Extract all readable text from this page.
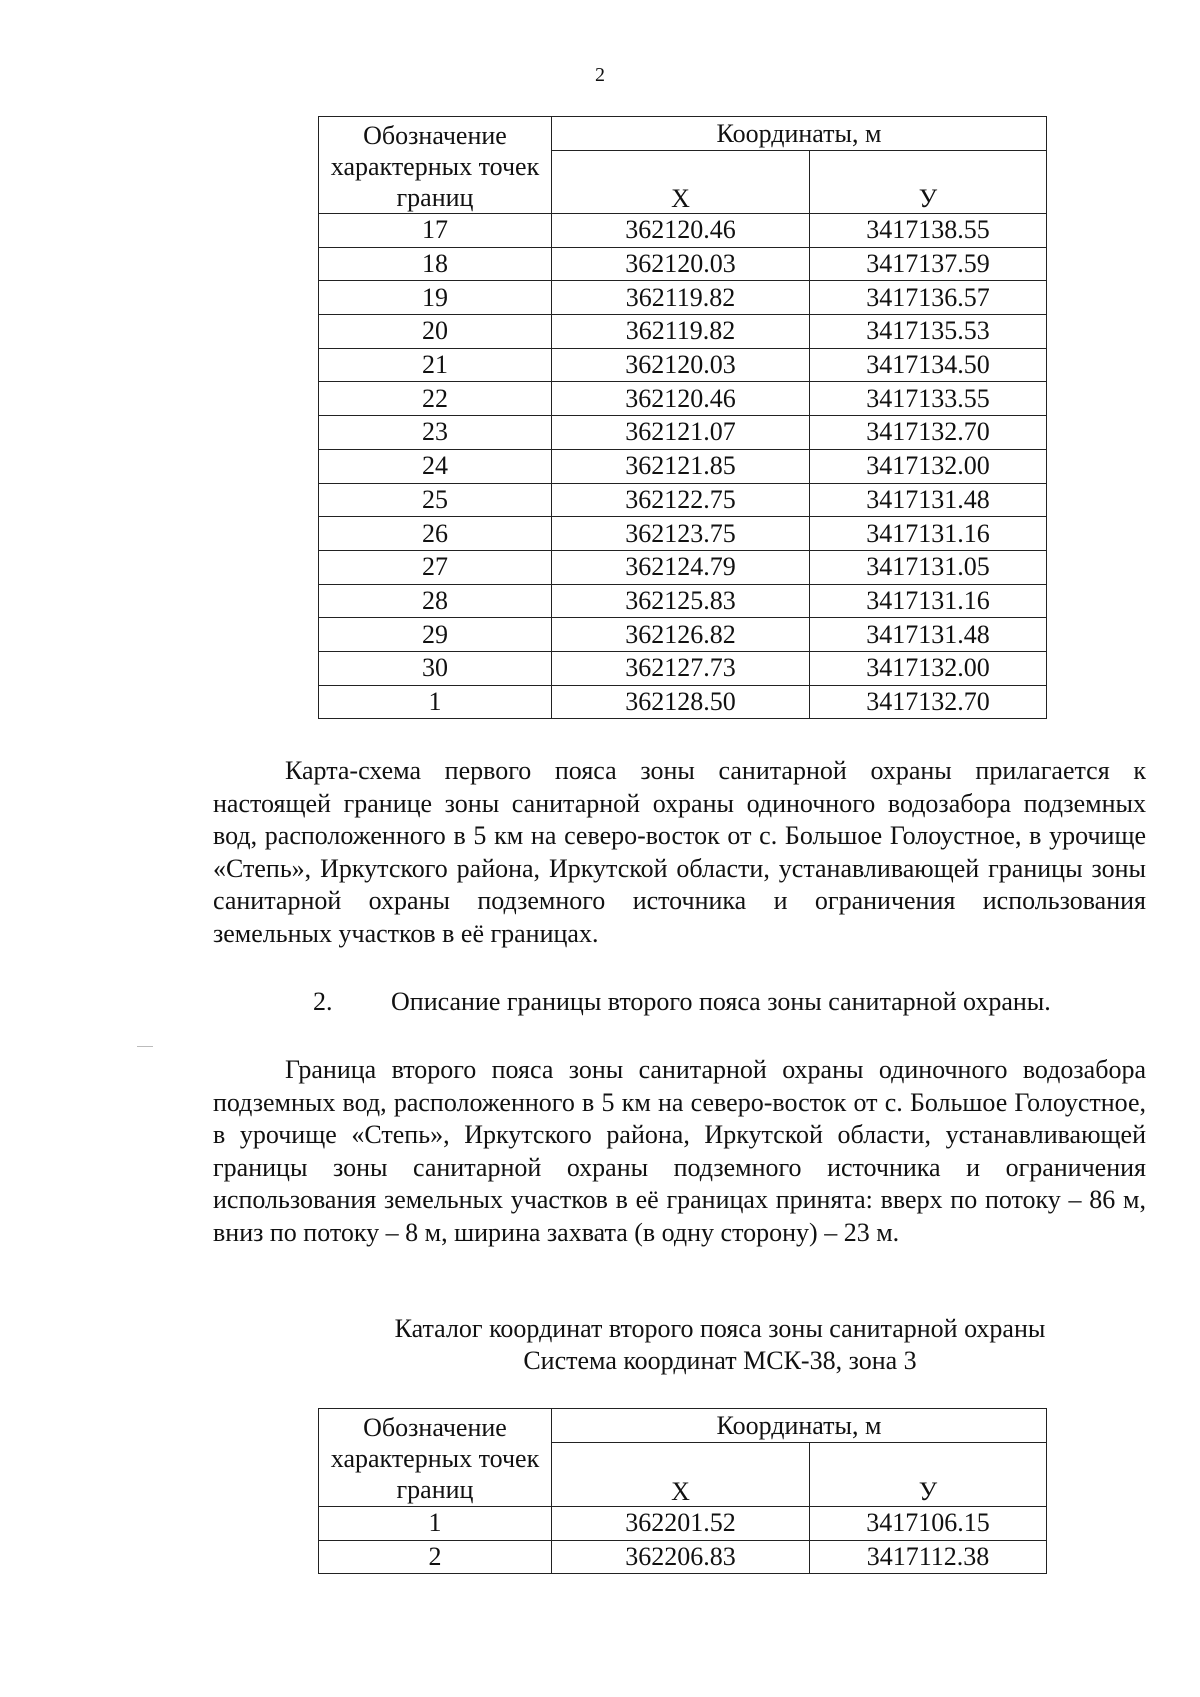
2
Обозначение характерных точек границ	Координаты, м	
	X	У
17	362120.46	3417138.55
18	362120.03	3417137.59
19	362119.82	3417136.57
20	362119.82	3417135.53
21	362120.03	3417134.50
22	362120.46	3417133.55
23	362121.07	3417132.70
24	362121.85	3417132.00
25	362122.75	3417131.48
26	362123.75	3417131.16
27	362124.79	3417131.05
28	362125.83	3417131.16
29	362126.82	3417131.48
30	362127.73	3417132.00
1	362128.50	3417132.70

Карта-схема первого пояса зоны санитарной охраны прилагается к настоящей границе зоны санитарной охраны одиночного водозабора подземных вод, расположенного в 5 км на северо-восток от с. Большое Голоустное, в урочище «Степь», Иркутского района, Иркутской области, устанавливающей границы зоны санитарной охраны подземного источника и ограничения использования земельных участков в её границах.

2. Описание границы второго пояса зоны санитарной охраны.

Граница второго пояса зоны санитарной охраны одиночного водозабора подземных вод, расположенного в 5 км на северо-восток от с. Большое Голоустное, в урочище «Степь», Иркутского района, Иркутской области, устанавливающей границы зоны санитарной охраны подземного источника и ограничения использования земельных участков в её границах принята: вверх по потоку – 86 м, вниз по потоку – 8 м, ширина захвата (в одну сторону) – 23 м.

Каталог координат второго пояса зоны санитарной охраны
Система координат МСК-38, зона 3

Обозначение характерных точек границ	Координаты, м	
	X	У
1	362201.52	3417106.15
2	362206.83	3417112.38
